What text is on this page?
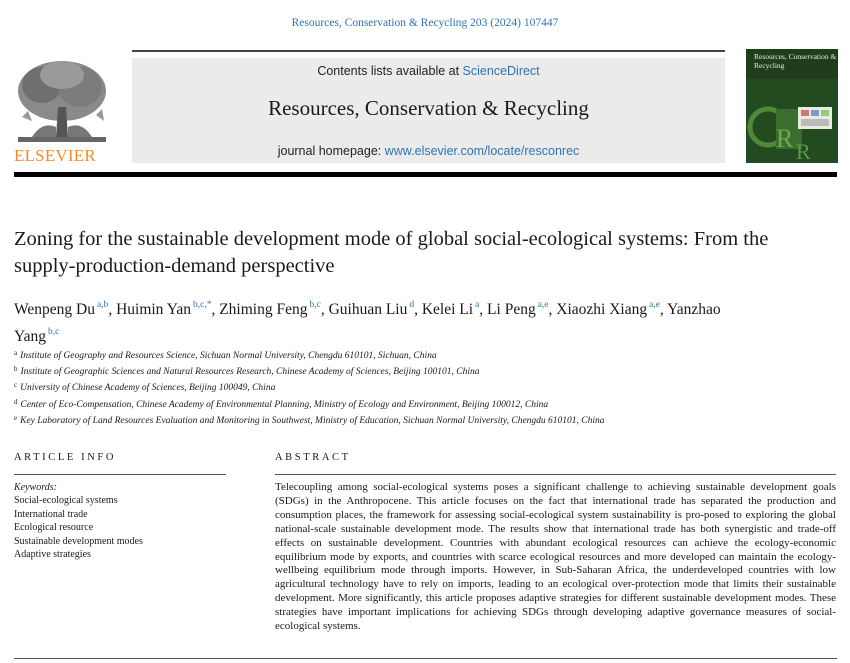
Resources, Conservation & Recycling 203 (2024) 107447
ELSEVIER
Contents lists available at ScienceDirect
Resources, Conservation & Recycling
journal homepage: www.elsevier.com/locate/resconrec	R R
Resources, Conservation & Recycling
Zoning for the sustainable development mode of global social-ecological systems: From the supply-production-demand perspective
Wenpeng Du $^{a,b}$, Huimin Yan $^{b,c,*}$, Zhiming Feng $^{b,c}$, Guihuan Liu $^d$, Kelei Li $^a$, Li Peng $^{a,e}$, Xiaozhi Xiang $^{a,e}$, Yanzhao Yang $^{b,c}$
$^a$ Institute of Geography and Resources Science, Sichuan Normal University, Chengdu 610101, Sichuan, China
$^b$ Institute of Geographic Sciences and Natural Resources Research, Chinese Academy of Sciences, Beijing 100101, China
$^c$ University of Chinese Academy of Sciences, Beijing 100049, China
$^d$ Center of Eco-Compensation, Chinese Academy of Environmental Planning, Ministry of Ecology and Environment, Beijing 100012, China
$^e$ Key Laboratory of Land Resources Evaluation and Monitoring in Southwest, Ministry of Education, Sichuan Normal University, Chengdu 610101, China
ARTICLE INFO	ABSTRACT
Keywords:
Social-ecological systems
International trade
Ecological resource
Sustainable development modes
Adaptive strategies
Telecoupling among social-ecological systems poses a significant challenge to achieving sustainable development goals (SDGs) in the Anthropocene. This article focuses on the fact that international trade has separated the production and consumption places, the framework for assessing social-ecological system sustainability is pro-posed to exploring the global national-scale sustainable development mode. The results show that international trade has both synergistic and trade-off effects on sustainable development. Countries with abundant ecological resources can achieve the ecology-economic equilibrium mode by exports, and countries with scarce ecological resources and more developed can maintain the ecology-wellbeing equilibrium mode through imports. However, in Sub-Saharan Africa, the underdeveloped countries with low agricultural technology have to rely on imports, leading to an ecological over-protection mode that limits their sustainable development. More significantly, this article proposes adaptive strategies for different sustainable development modes. These strategies have important implications for achieving SDGs through developing adaptive governance measures of social-ecological systems.
